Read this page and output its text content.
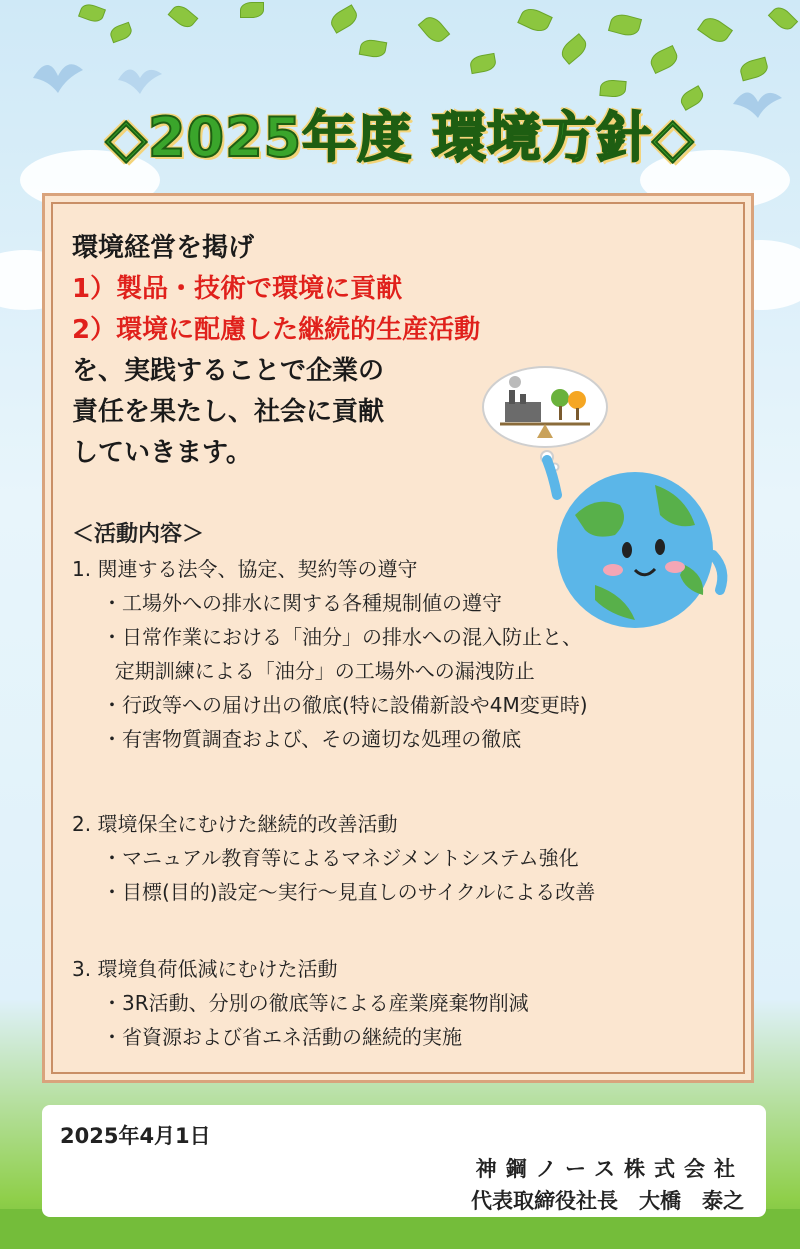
◇2025年度 環境方針◇
環境経営を掲げ
1）製品・技術で環境に貢献
2）環境に配慮した継続的生産活動
を、実践することで企業の
責任を果たし、社会に貢献
していきます。
＜活動内容＞
1. 関連する法令、協定、契約等の遵守
・工場外への排水に関する各種規制値の遵守
・日常作業における「油分」の排水への混入防止と、
定期訓練による「油分」の工場外への漏洩防止
・行政等への届け出の徹底(特に設備新設や4M変更時)
・有害物質調査および、その適切な処理の徹底
2. 環境保全にむけた継続的改善活動
・マニュアル教育等によるマネジメントシステム強化
・目標(目的)設定～実行～見直しのサイクルによる改善
3. 環境負荷低減にむけた活動
・3R活動、分別の徹底等による産業廃棄物削減
・省資源および省エネ活動の継続的実施
2025年4月1日
神鋼ノース株式会社
代表取締役社長　大橋　泰之
